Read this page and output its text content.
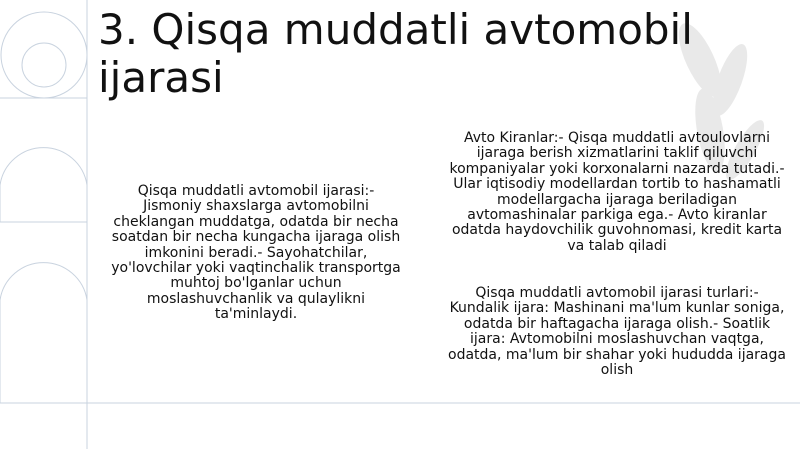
3. Qisqa muddatli avtomobil ijarasi
Qisqa muddatli avtomobil ijarasi:- Jismoniy shaxslarga avtomobilni cheklangan muddatga, odatda bir necha soatdan bir necha kungacha ijaraga olish imkonini beradi.- Sayohatchilar, yo'lovchilar yoki vaqtinchalik transportga muhtoj bo'lganlar uchun moslashuvchanlik va qulaylikni ta'minlaydi.
Avto Kiranlar:- Qisqa muddatli avtoulovlarni ijaraga berish xizmatlarini taklif qiluvchi kompaniyalar yoki korxonalarni nazarda tutadi.- Ular iqtisodiy modellardan tortib to hashamatli modellargacha ijaraga beriladigan avtomashinalar parkiga ega.- Avto kiranlar odatda haydovchilik guvohnomasi, kredit karta va talab qiladi
Qisqa muddatli avtomobil ijarasi turlari:- Kundalik ijara: Mashinani ma'lum kunlar soniga, odatda bir haftagacha ijaraga olish.- Soatlik ijara: Avtomobilni moslashuvchan vaqtga, odatda, ma'lum bir shahar yoki hududda ijaraga olish
